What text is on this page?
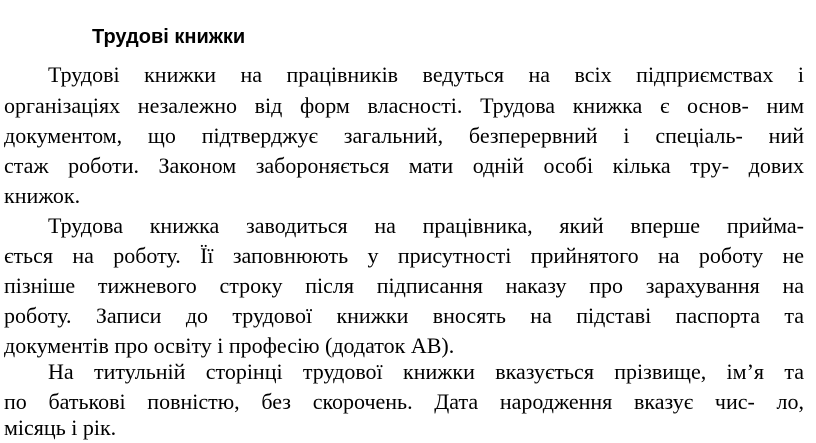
Трудові книжки
Трудові книжки на працівників ведуться на всіх підприємствах і
організаціях незалежно від форм власності. Трудова книжка є основ- ним
документом, що підтверджує загальний, безперервний і спеціаль- ний
стаж роботи. Законом забороняється мати одній особі кілька тру- дових
книжок.
Трудова книжка заводиться на працівника, який вперше прийма-
ється на роботу. Її заповнюють у присутності прийнятого на роботу не
пізніше тижневого строку після підписання наказу про зарахування на
роботу. Записи до трудової книжки вносять на підставі паспорта та
документів про освіту і професію (додаток АВ).
На титульній сторінці трудової книжки вказується прізвище, ім’я та
по батькові повністю, без скорочень. Дата народження вказує чис- ло,
місяць і рік.
